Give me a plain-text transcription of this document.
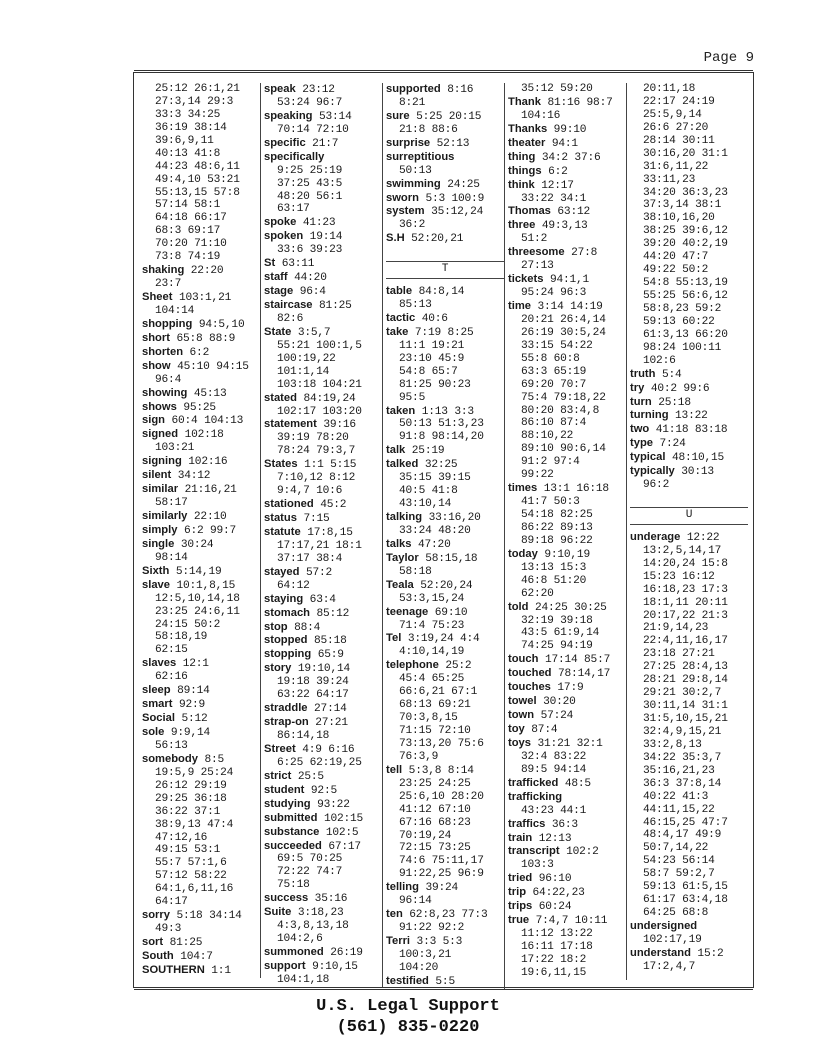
Page 9
25:12 26:1,21
27:3,14 29:3
33:3 34:25
36:19 38:14
39:6,9,11
40:13 41:8
44:23 48:6,11
49:4,10 53:21
55:13,15 57:8
57:14 58:1
64:18 66:17
68:3 69:17
70:20 71:10
73:8 74:19
shaking 22:20
23:7
Sheet 103:1,21
104:14
shopping 94:5,10
short 65:8 88:9
shorten 6:2
show 45:10 94:15
96:4
showing 45:13
shows 95:25
sign 60:4 104:13
signed 102:18
103:21
signing 102:16
silent 34:12
similar 21:16,21
58:17
similarly 22:10
simply 6:2 99:7
single 30:24
98:14
Sixth 5:14,19
slave 10:1,8,15
12:5,10,14,18
23:25 24:6,11
24:15 50:2
58:18,19
62:15
slaves 12:1
62:16
sleep 89:14
smart 92:9
Social 5:12
sole 9:9,14
56:13
somebody 8:5
19:5,9 25:24
26:12 29:19
29:25 36:18
36:22 37:1
38:9,13 47:4
47:12,16
49:15 53:1
55:7 57:1,6
57:12 58:22
64:1,6,11,16
64:17
sorry 5:18 34:14
49:3
sort 81:25
South 104:7
SOUTHERN 1:1
speak 23:12
53:24 96:7
speaking 53:14
70:14 72:10
specific 21:7
specifically
9:25 25:19
37:25 43:5
48:20 56:1
63:17
spoke 41:23
spoken 19:14
33:6 39:23
St 63:11
staff 44:20
stage 96:4
staircase 81:25
82:6
State 3:5,7
55:21 100:1,5
100:19,22
101:1,14
103:18 104:21
stated 84:19,24
102:17 103:20
statement 39:16
39:19 78:20
78:24 79:3,7
States 1:1 5:15
7:10,12 8:12
9:4,7 10:6
stationed 45:2
status 7:15
statute 17:8,15
17:17,21 18:1
37:17 38:4
stayed 57:2
64:12
staying 63:4
stomach 85:12
stop 88:4
stopped 85:18
stopping 65:9
story 19:10,14
19:18 39:24
63:22 64:17
straddle 27:14
strap-on 27:21
86:14,18
Street 4:9 6:16
6:25 62:19,25
strict 25:5
student 92:5
studying 93:22
submitted 102:15
substance 102:5
succeeded 67:17
69:5 70:25
72:22 74:7
75:18
success 35:16
Suite 3:18,23
4:3,8,13,18
104:2,6
summoned 26:19
support 9:10,15
104:1,18
supported 8:16
8:21
sure 5:25 20:15
21:8 88:6
surprise 52:13
surreptitious
50:13
swimming 24:25
sworn 5:3 100:9
system 35:12,24
36:2
S.H 52:20,21
T
table 84:8,14
85:13
tactic 40:6
take 7:19 8:25
11:1 19:21
23:10 45:9
54:8 65:7
81:25 90:23
95:5
taken 1:13 3:3
50:13 51:3,23
91:8 98:14,20
talk 25:19
talked 32:25
35:15 39:15
40:5 41:8
43:10,14
talking 33:16,20
33:24 48:20
talks 47:20
Taylor 58:15,18
58:18
Teala 52:20,24
53:3,15,24
teenage 69:10
71:4 75:23
Tel 3:19,24 4:4
4:10,14,19
telephone 25:2
45:4 65:25
66:6,21 67:1
68:13 69:21
70:3,8,15
71:15 72:10
73:13,20 75:6
76:3,9
tell 5:3,8 8:14
23:25 24:25
25:6,10 28:20
41:12 67:10
67:16 68:23
70:19,24
72:15 73:25
74:6 75:11,17
91:22,25 96:9
telling 39:24
96:14
ten 62:8,23 77:3
91:22 92:2
Terri 3:3 5:3
100:3,21
104:20
testified 5:5
35:12 59:20
Thank 81:16 98:7
104:16
Thanks 99:10
theater 94:1
thing 34:2 37:6
things 6:2
think 12:17
33:22 34:1
Thomas 63:12
three 49:3,13
51:2
threesome 27:8
27:13
tickets 94:1,1
95:24 96:3
time 3:14 14:19
20:21 26:4,14
26:19 30:5,24
33:15 54:22
55:8 60:8
63:3 65:19
69:20 70:7
75:4 79:18,22
80:20 83:4,8
86:10 87:4
88:10,22
89:10 90:6,14
91:2 97:4
99:22
times 13:1 16:18
41:7 50:3
54:18 82:25
86:22 89:13
89:18 96:22
today 9:10,19
13:13 15:3
46:8 51:20
62:20
told 24:25 30:25
32:19 39:18
43:5 61:9,14
74:25 94:19
touch 17:14 85:7
touched 78:14,17
touches 17:9
towel 30:20
town 57:24
toy 87:4
toys 31:21 32:1
32:4 83:22
89:5 94:14
trafficked 48:5
trafficking
43:23 44:1
traffics 36:3
train 12:13
transcript 102:2
103:3
tried 96:10
trip 64:22,23
trips 60:24
true 7:4,7 10:11
11:12 13:22
16:11 17:18
17:22 18:2
19:6,11,15
20:11,18
22:17 24:19
25:5,9,14
26:6 27:20
28:14 30:11
30:16,20 31:1
31:6,11,22
33:11,23
34:20 36:3,23
37:3,14 38:1
38:10,16,20
38:25 39:6,12
39:20 40:2,19
44:20 47:7
49:22 50:2
54:8 55:13,19
55:25 56:6,12
58:8,23 59:2
59:13 60:22
61:3,13 66:20
98:24 100:11
102:6
truth 5:4
try 40:2 99:6
turn 25:18
turning 13:22
two 41:18 83:18
type 7:24
typical 48:10,15
typically 30:13
96:2
U
underage 12:22
13:2,5,14,17
14:20,24 15:8
15:23 16:12
16:18,23 17:3
18:1,11 20:11
20:17,22 21:3
21:9,14,23
22:4,11,16,17
23:18 27:21
27:25 28:4,13
28:21 29:8,14
29:21 30:2,7
30:11,14 31:1
31:5,10,15,21
32:4,9,15,21
33:2,8,13
34:22 35:3,7
35:16,21,23
36:3 37:8,14
40:22 41:3
44:11,15,22
46:15,25 47:7
48:4,17 49:9
50:7,14,22
54:23 56:14
58:7 59:2,7
59:13 61:5,15
61:17 63:4,18
64:25 68:8
undersigned
102:17,19
understand 15:2
17:2,4,7
U.S. Legal Support
(561) 835-0220
